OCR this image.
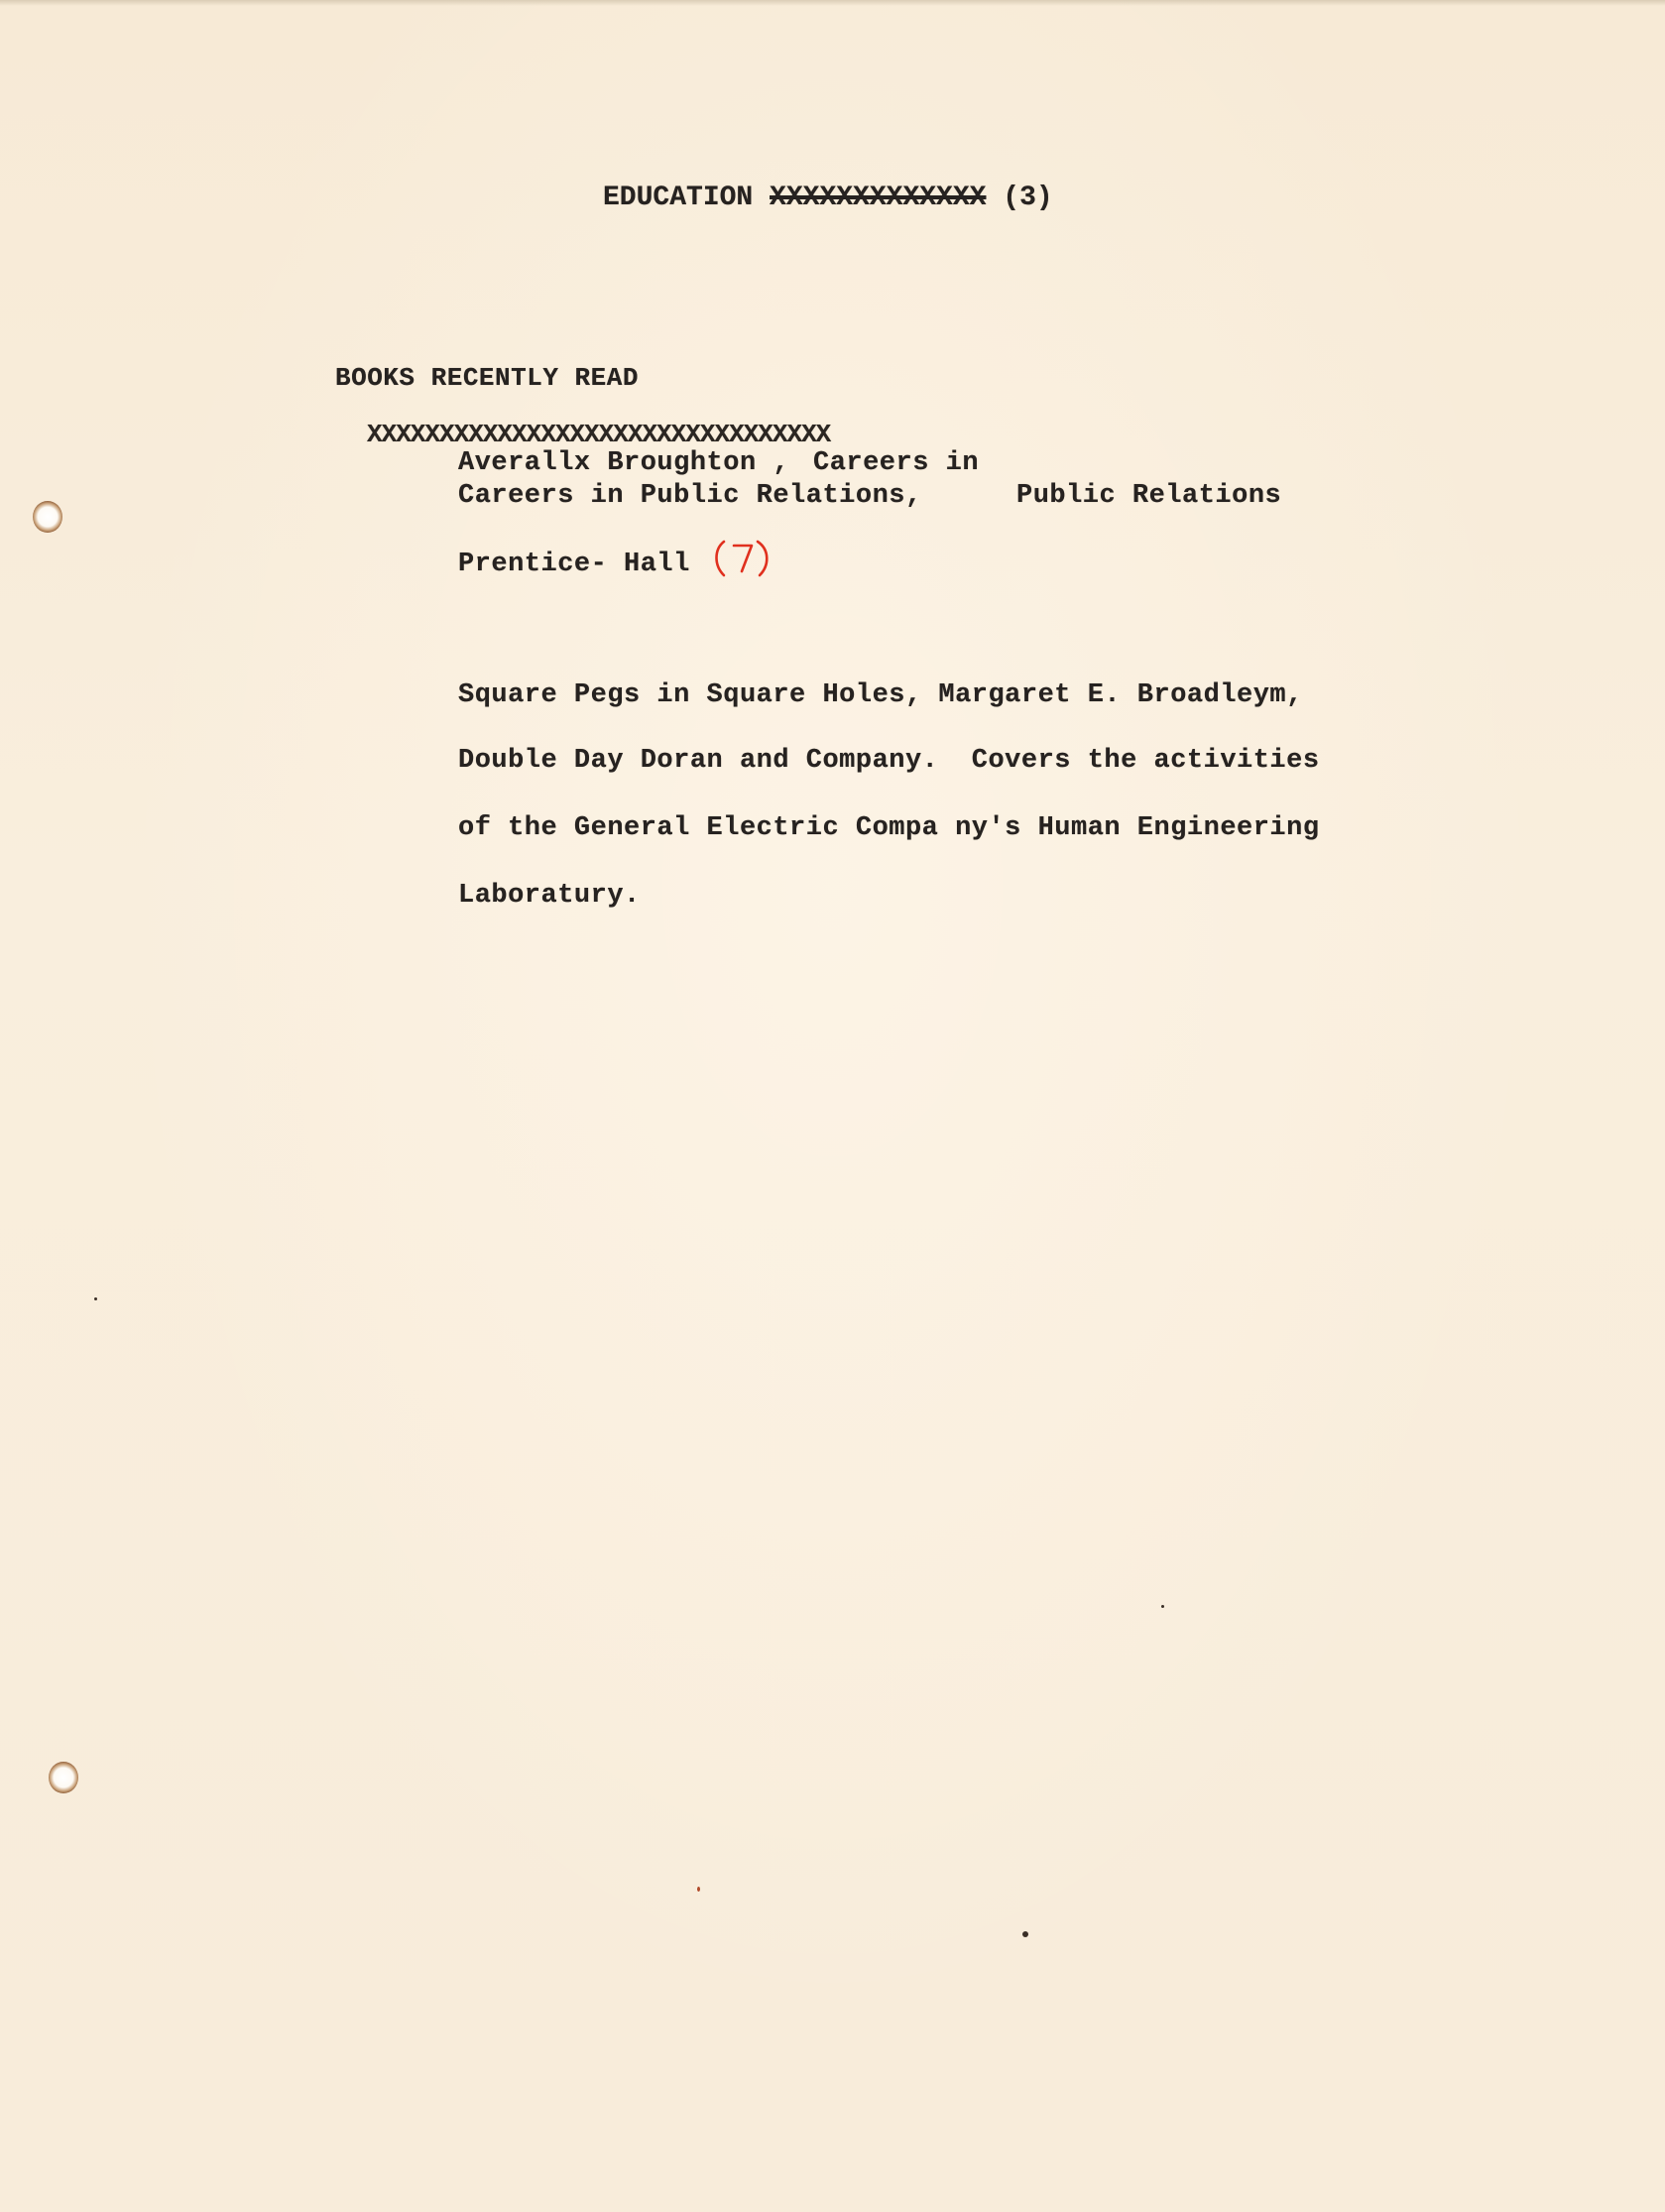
EDUCATION XXXXXXXXXXXXX (3)
BOOKS RECENTLY READ
XXXXXXXXXXXXXXXXXXXXXXXXXXXXXXXX
Averallx Broughton , Careers in
Careers in Public Relations,	Public Relations
Prentice- Hall
Square Pegs in Square Holes, Margaret E. Broadleym,
Double Day Doran and Company.  Covers the activities
of the General Electric Compa ny's Human Engineering
Laboratury.
